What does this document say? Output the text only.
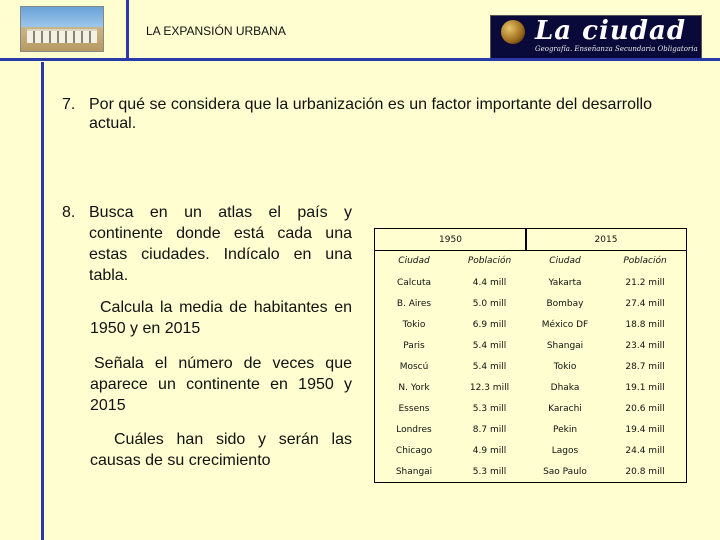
LA EXPANSIÓN URBANA	La ciudad
Geografía. Enseñanza Secundaria Obligatoria
7. Por qué se considera que la urbanización es un factor importante del desarrollo actual.
8. Busca en un atlas el país y continente donde está cada una estas ciudades. Indícalo en una tabla.
Calcula la media de habitantes en 1950 y en 2015
Señala el número de veces que aparece un continente en 1950 y 2015
Cuáles han sido y serán las causas de su crecimiento
1950		2015	
Ciudad	Población	Ciudad	Población
Calcuta	4.4 mill	Yakarta	21.2 mill
B. Aires	5.0 mill	Bombay	27.4 mill
Tokio	6.9 mill	México DF	18.8 mill
Paris	5.4 mill	Shangai	23.4 mill
Moscú	5.4 mill	Tokio	28.7 mill
N. York	12.3 mill	Dhaka	19.1 mill
Essens	5.3 mill	Karachi	20.6 mill
Londres	8.7 mill	Pekin	19.4 mill
Chicago	4.9 mill	Lagos	24.4 mill
Shangai	5.3 mill	Sao Paulo	20.8 mill
